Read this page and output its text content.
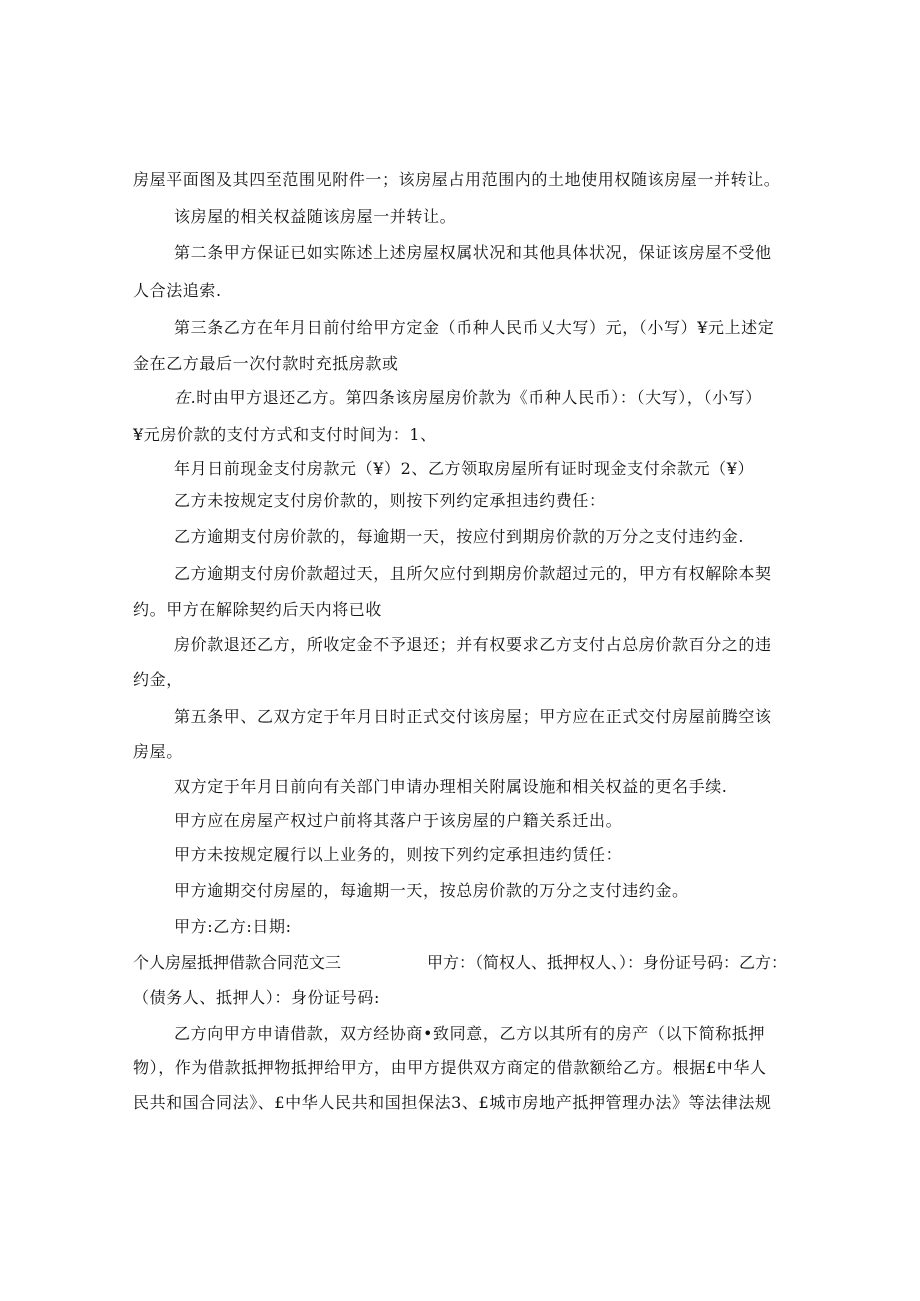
房屋平面图及其四至范围见附件一；该房屋占用范围内的土地使用权随该房屋一并转让。
该房屋的相关权益随该房屋一并转让。
第二条甲方保证已如实陈述上述房屋权属状况和其他具体状况，保证该房屋不受他
人合法追索.
第三条乙方在年月日前付给甲方定金（币种人民币乂大写）元，（小写）¥元上述定
金在乙方最后一次付款时充抵房款或
在.时由甲方退还乙方。第四条该房屋房价款为《币种人民币）：（大写），（小写）
¥元房价款的支付方式和支付时间为：1、
年月日前现金支付房款元（¥）2、乙方领取房屋所有证时现金支付余款元（¥）
乙方未按规定支付房价款的，则按下列约定承担违约费任：
乙方逾期支付房价款的，每逾期一天，按应付到期房价款的万分之支付违约金.
乙方逾期支付房价款超过天，且所欠应付到期房价款超过元的，甲方有权解除本契
约。甲方在解除契约后天内将已收
房价款退还乙方，所收定金不予退还；并有权要求乙方支付占总房价款百分之的违
约金，
第五条甲、乙双方定于年月日时正式交付该房屋；甲方应在正式交付房屋前腾空该
房屋。
双方定于年月日前向有关部门申请办理相关附属设施和相关权益的更名手续.
甲方应在房屋产权过户前将其落户于该房屋的户籍关系迁出。
甲方未按规定履行以上业务的，则按下列约定承担违约赁任：
甲方逾期交付房屋的，每逾期一天，按总房价款的万分之支付违约金。
甲方:乙方:日期:
个人房屋抵押借款合同范文三	甲方：（简权人、抵押权人、）：身份证号码：乙方：
（债务人、抵押人）：身份证号码:
乙方向甲方申请借款，双方经协商•致同意，乙方以其所有的房产（以下简称抵押
物），作为借款抵押物抵押给甲方，由甲方提供双方商定的借款额给乙方。根据£中华人
民共和国合同法》、£中华人民共和国担保法3、£城市房地产抵押管理办法》等法律法规
